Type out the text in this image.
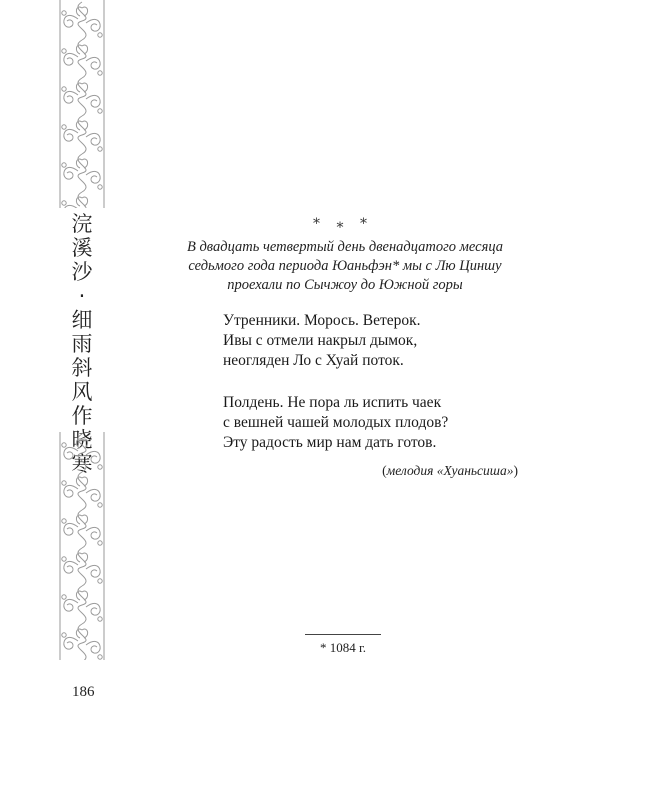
浣
溪
沙
·
细
雨
斜
风
作
晓
寒
186
* * *
В двадцать четвертый день двенадцатого месяца
седьмого года периода Юаньфэн* мы с Лю Циншу
проехали по Сычжоу до Южной горы
Утренники. Морось. Ветерок.
Ивы с отмели накрыл дымок,
неогляден Ло с Хуай поток.
Полдень. Не пора ль испить чаек
с вешней чашей молодых плодов?
Эту радость мир нам дать готов.
(мелодия «Хуаньсиша»)
* 1084 г.
